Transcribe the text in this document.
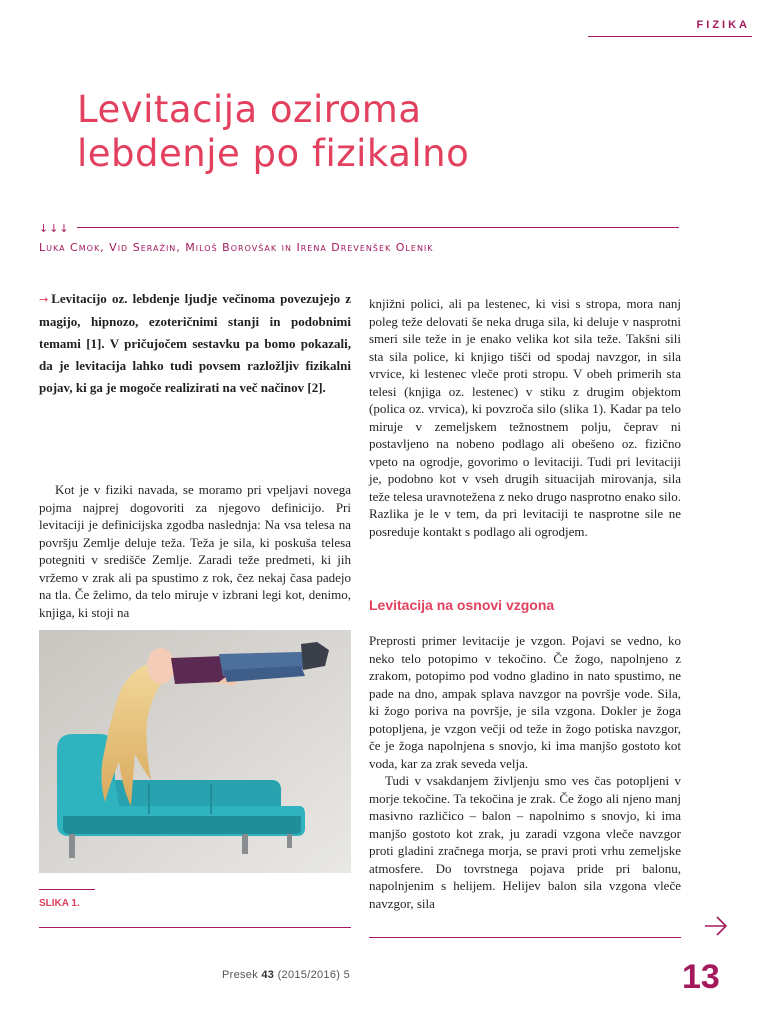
FIZIKA
Levitacija oziroma
lebdenje po fizikalno
↓↓↓
Luka Cmok, Vid Seražin, Miloš Borovšak in Irena Drevenšek Olenik

→ Levitacijo oz. lebdenje ljudje večinoma povezujejo z magijo, hipnozo, ezoteričnimi stanji in podobnimi temami [1]. V pričujočem sestavku pa bomo pokazali, da je levitacija lahko tudi povsem razložljiv fizikalni pojav, ki ga je mogoče realizirati na več načinov [2].

Kot je v fiziki navada, se moramo pri vpeljavi novega pojma najprej dogovoriti za njegovo definicijo. Pri levitaciji je definicijska zgodba naslednja: Na vsa telesa na površju Zemlje deluje teža. Teža je sila, ki poskuša telesa potegniti v središče Zemlje. Zaradi teže predmeti, ki jih vržemo v zrak ali pa spustimo z rok, čez nekaj časa padejo na tla. Če želimo, da telo miruje v izbrani legi kot, denimo, knjiga, ki stoji na

SLIKA 1.

knjižni polici, ali pa lestenec, ki visi s stropa, mora nanj poleg teže delovati še neka druga sila, ki deluje v nasprotni smeri sile teže in je enako velika kot sila teže. Takšni sili sta sila police, ki knjigo tišči od spodaj navzgor, in sila vrvice, ki lestenec vleče proti stropu. V obeh primerih sta telesi (knjiga oz. lestenec) v stiku z drugim objektom (polica oz. vrvica), ki povzroča silo (slika 1). Kadar pa telo miruje v zemeljskem težnostnem polju, čeprav ni postavljeno na nobeno podlago ali obešeno oz. fizično vpeto na ogrodje, govorimo o levitaciji. Tudi pri levitaciji je, podobno kot v vseh drugih situacijah mirovanja, sila teže telesa uravnotežena z neko drugo nasprotno enako silo. Razlika je le v tem, da pri levitaciji te nasprotne sile ne posreduje kontakt s podlago ali ogrodjem.

Levitacija na osnovi vzgona

Preprosti primer levitacije je vzgon. Pojavi se vedno, ko neko telo potopimo v tekočino. Če žogo, napolnjeno z zrakom, potopimo pod vodno gladino in nato spustimo, ne pade na dno, ampak splava navzgor na površje vode. Sila, ki žogo poriva na površje, je sila vzgona. Dokler je žoga potopljena, je vzgon večji od teže in žogo potiska navzgor, če je žoga napolnjena s snovjo, ki ima manjšo gostoto kot voda, kar za zrak seveda velja.

Tudi v vsakdanjem življenju smo ves čas potopljeni v morje tekočine. Ta tekočina je zrak. Če žogo ali njeno manj masivno različico – balon – napolnimo s snovjo, ki ima manjšo gostoto kot zrak, ju zaradi vzgona vleče navzgor proti gladini zračnega morja, se pravi proti vrhu zemeljske atmosfere. Do tovrstnega pojava pride pri balonu, napolnjenim s helijem. Helijev balon sila vzgona vleče navzgor, sila

Presek 43 (2015/2016) 5	13
